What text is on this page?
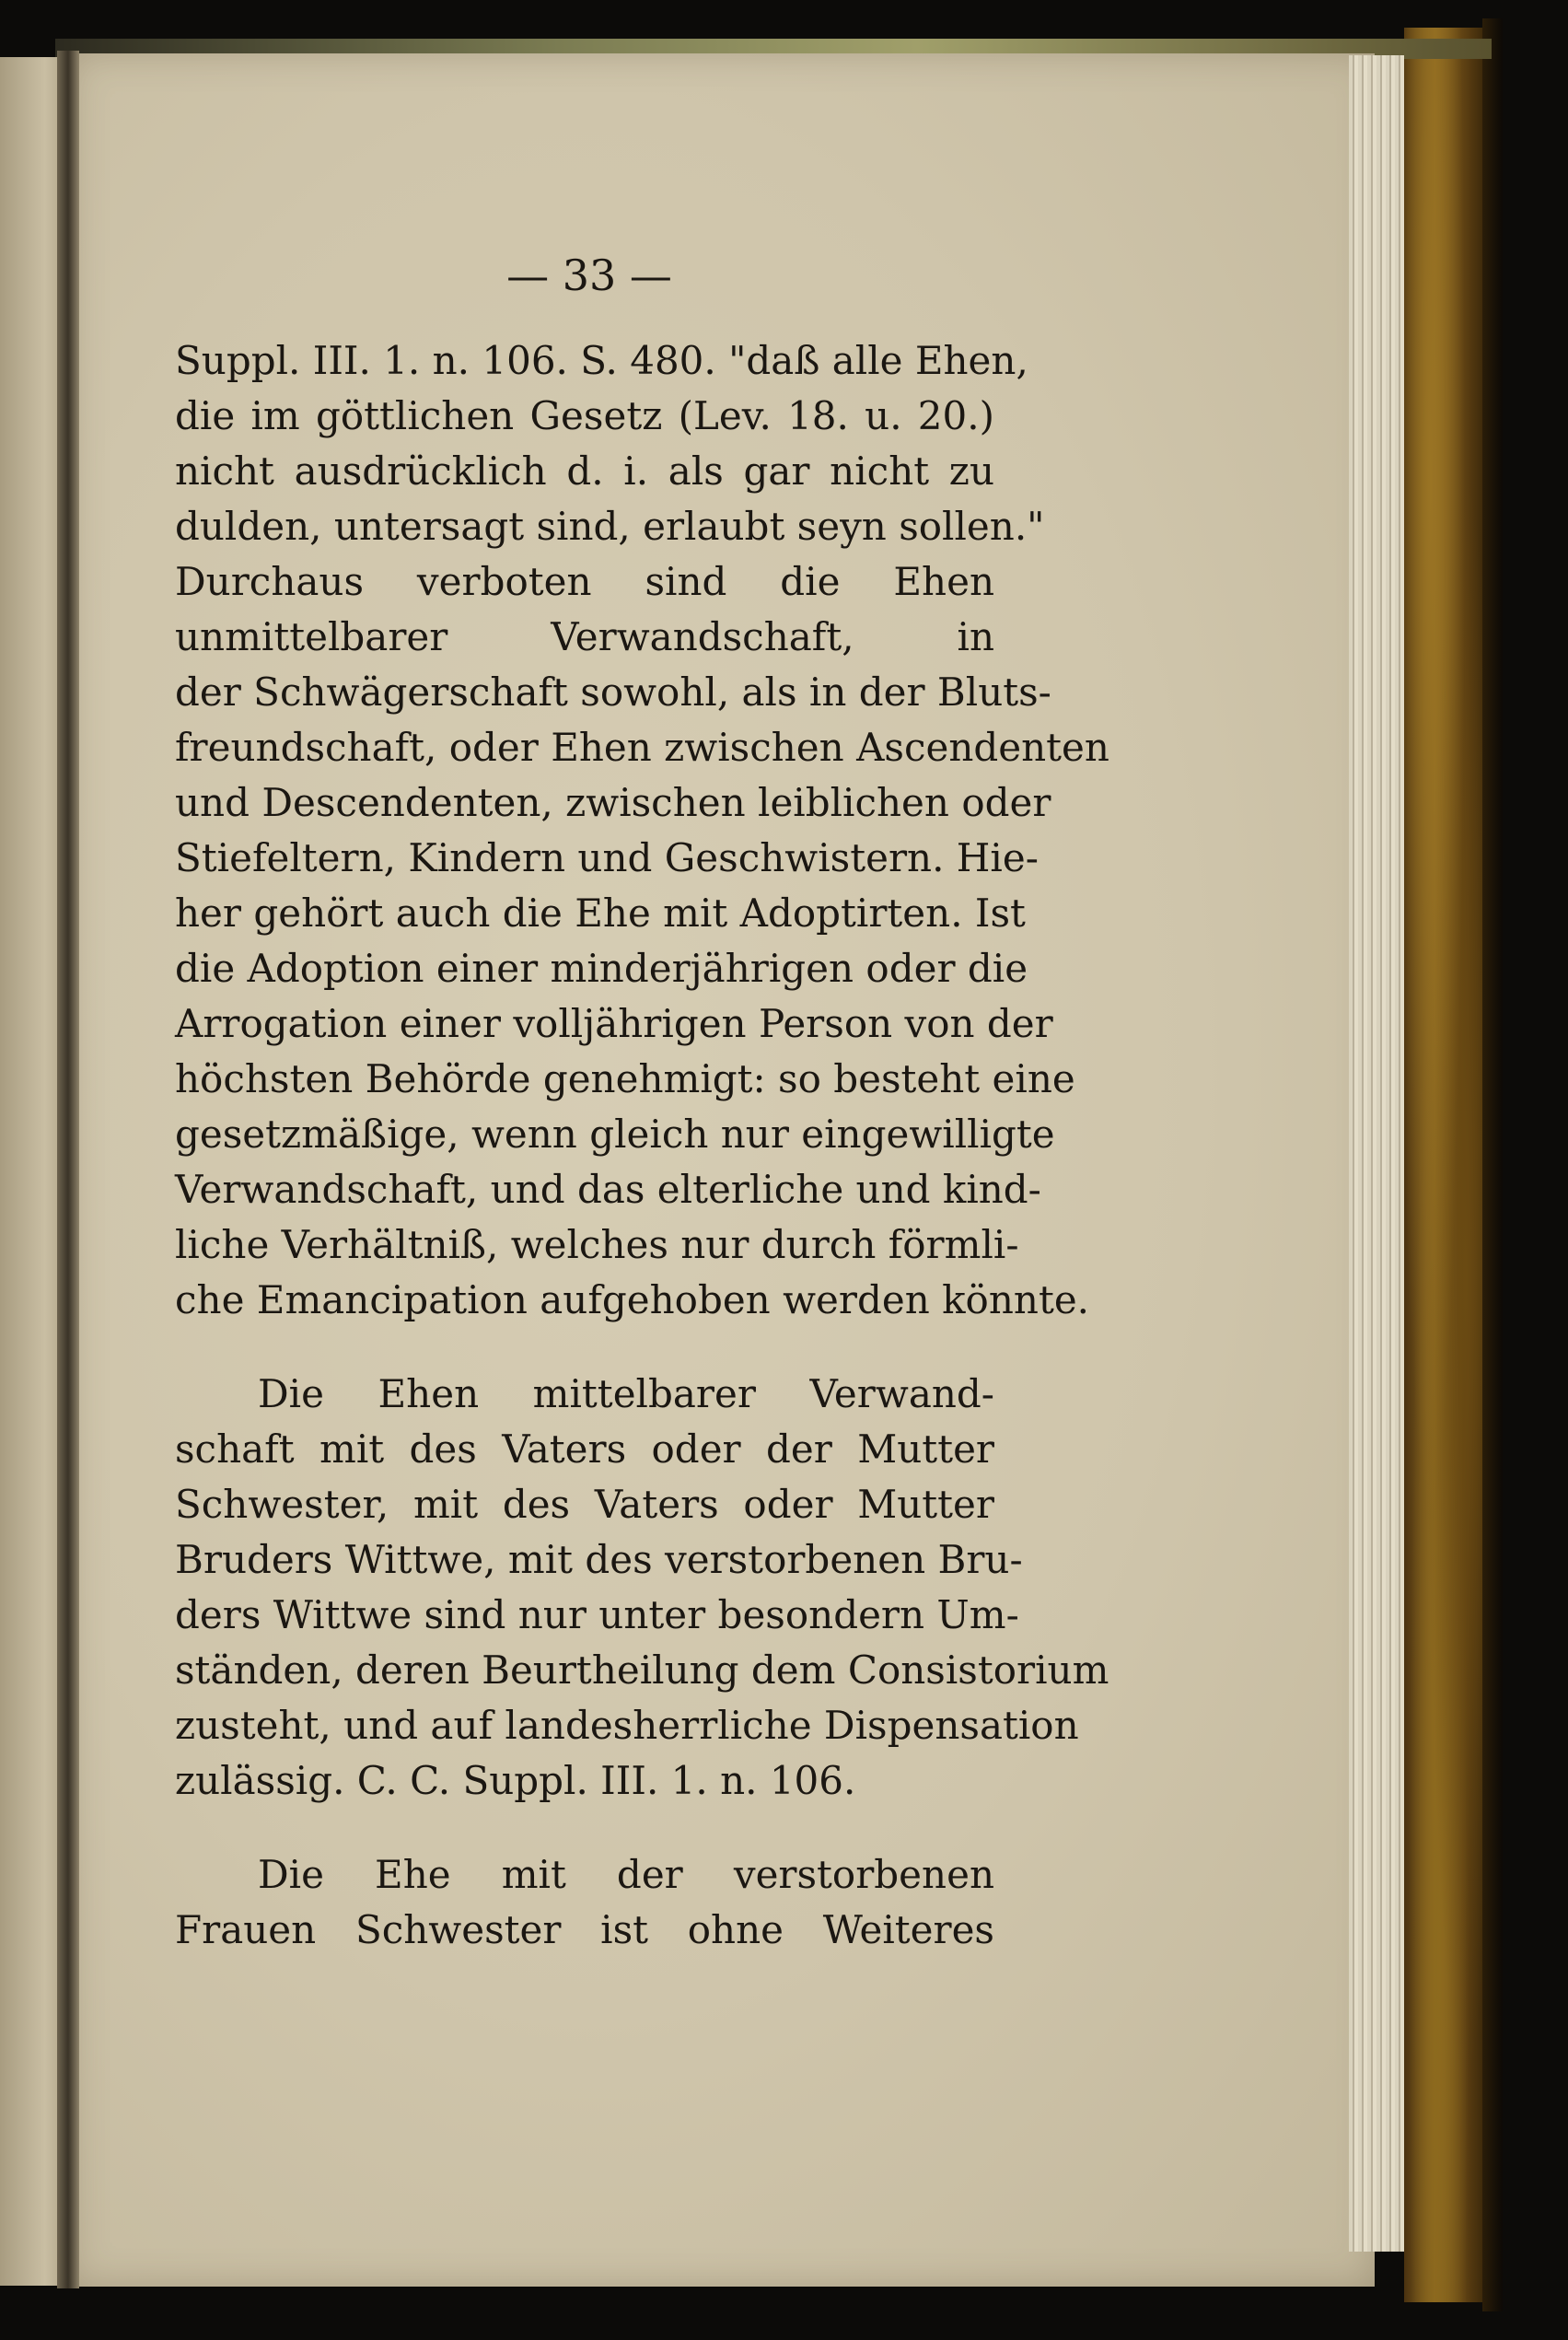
— 33 —
Suppl. III. 1. n. 106. S. 480. "daß alle Ehen,
die im göttlichen Gesetz (Lev. 18. u. 20.)
nicht ausdrücklich d. i. als gar nicht zu
dulden, untersagt sind, erlaubt seyn sollen."
Durchaus verboten sind die Ehen
unmittelbarer Verwandschaft, in
der Schwägerschaft sowohl, als in der Bluts-
freundschaft, oder Ehen zwischen Ascendenten
und Descendenten, zwischen leiblichen oder
Stiefeltern, Kindern und Geschwistern. Hie-
her gehört auch die Ehe mit Adoptirten. Ist
die Adoption einer minderjährigen oder die
Arrogation einer volljährigen Person von der
höchsten Behörde genehmigt: so besteht eine
gesetzmäßige, wenn gleich nur eingewilligte
Verwandschaft, und das elterliche und kind-
liche Verhältniß, welches nur durch förmli-
che Emancipation aufgehoben werden könnte.
Die Ehen mittelbarer Verwand-
schaft mit des Vaters oder der Mutter
Schwester, mit des Vaters oder Mutter
Bruders Wittwe, mit des verstorbenen Bru-
ders Wittwe sind nur unter besondern Um-
ständen, deren Beurtheilung dem Consistorium
zusteht, und auf landesherrliche Dispensation
zulässig. C. C. Suppl. III. 1. n. 106.
Die Ehe mit der verstorbenen
Frauen Schwester ist ohne Weiteres
